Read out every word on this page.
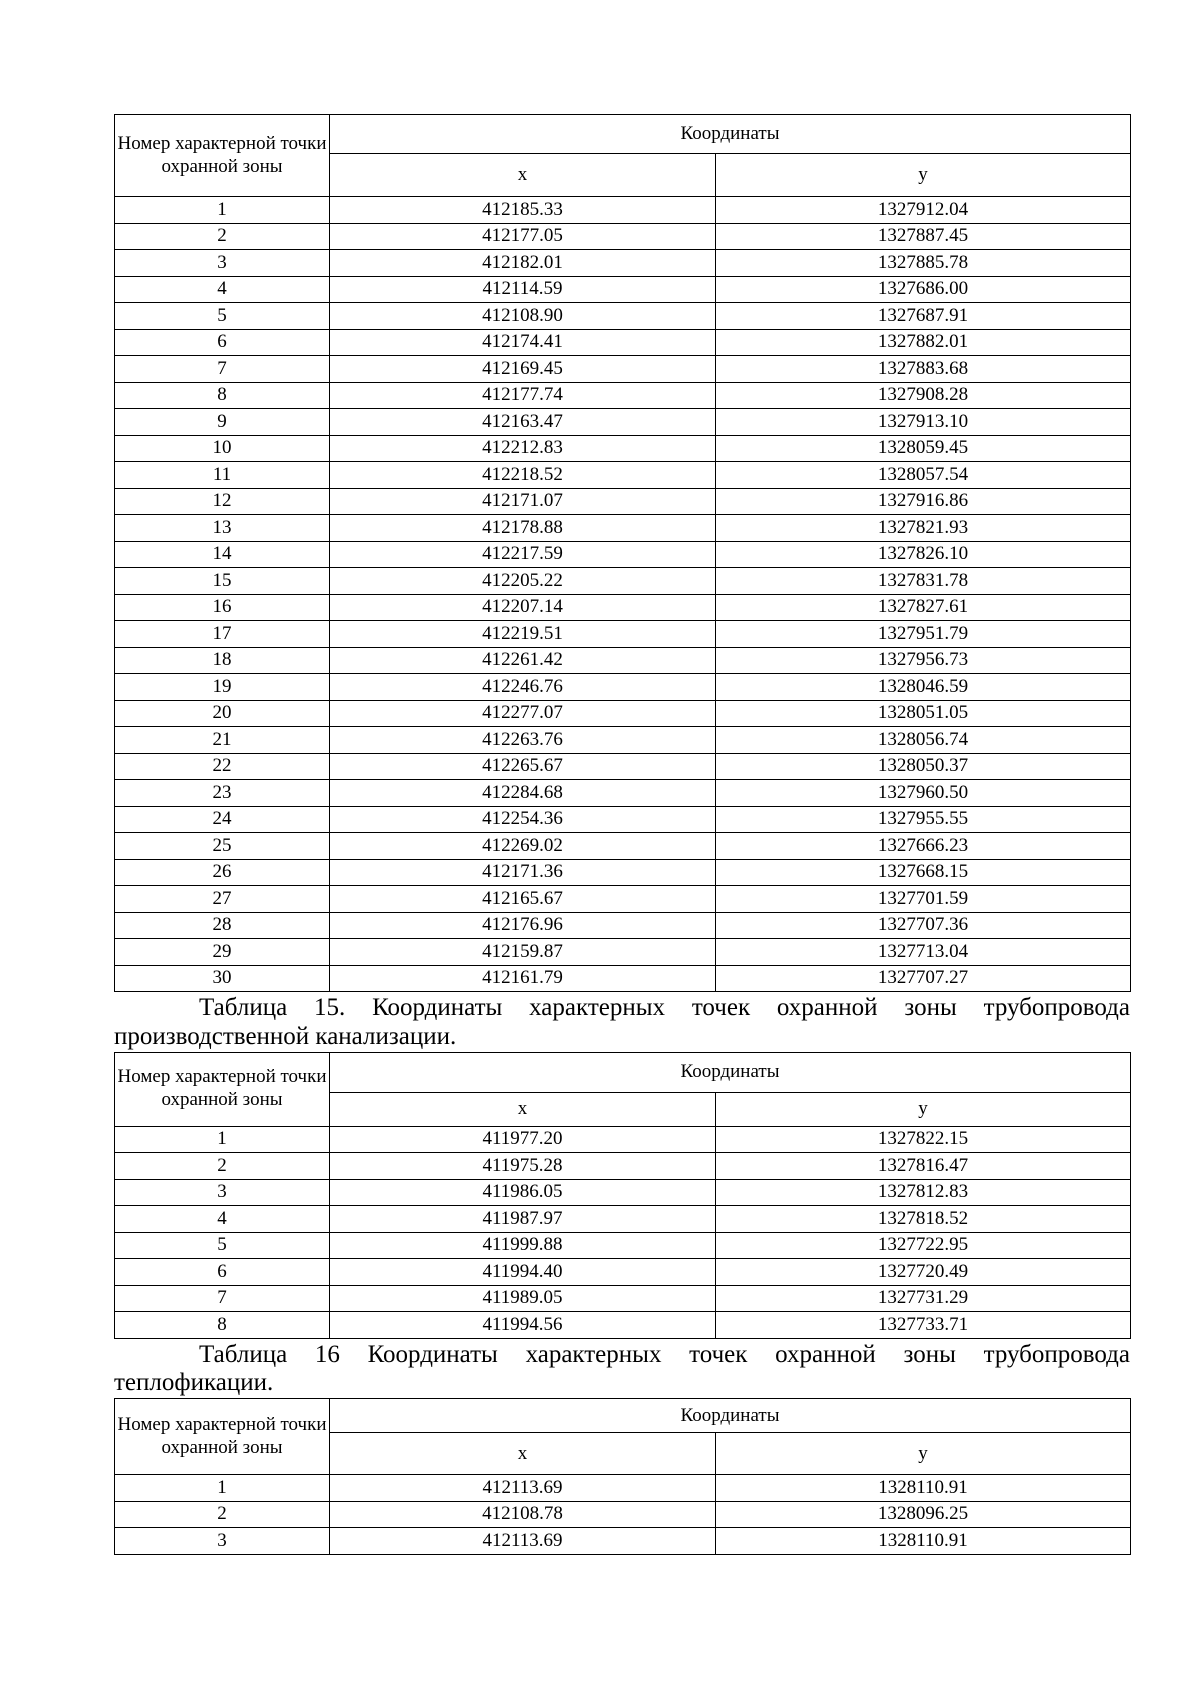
Номер характерной точки охранной зоны	Координаты	
	x	y
1	412185.33	1327912.04
2	412177.05	1327887.45
3	412182.01	1327885.78
4	412114.59	1327686.00
5	412108.90	1327687.91
6	412174.41	1327882.01
7	412169.45	1327883.68
8	412177.74	1327908.28
9	412163.47	1327913.10
10	412212.83	1328059.45
11	412218.52	1328057.54
12	412171.07	1327916.86
13	412178.88	1327821.93
14	412217.59	1327826.10
15	412205.22	1327831.78
16	412207.14	1327827.61
17	412219.51	1327951.79
18	412261.42	1327956.73
19	412246.76	1328046.59
20	412277.07	1328051.05
21	412263.76	1328056.74
22	412265.67	1328050.37
23	412284.68	1327960.50
24	412254.36	1327955.55
25	412269.02	1327666.23
26	412171.36	1327668.15
27	412165.67	1327701.59
28	412176.96	1327707.36
29	412159.87	1327713.04
30	412161.79	1327707.27

Таблица 15. Координаты характерных точек охранной зоны трубопровода
производственной канализации.

Номер характерной точки охранной зоны	Координаты	
	x	y
1	411977.20	1327822.15
2	411975.28	1327816.47
3	411986.05	1327812.83
4	411987.97	1327818.52
5	411999.88	1327722.95
6	411994.40	1327720.49
7	411989.05	1327731.29
8	411994.56	1327733.71

Таблица 16 Координаты характерных точек охранной зоны трубопровода
теплофикации.

Номер характерной точки охранной зоны	Координаты	
	x	y
1	412113.69	1328110.91
2	412108.78	1328096.25
3	412113.69	1328110.91
